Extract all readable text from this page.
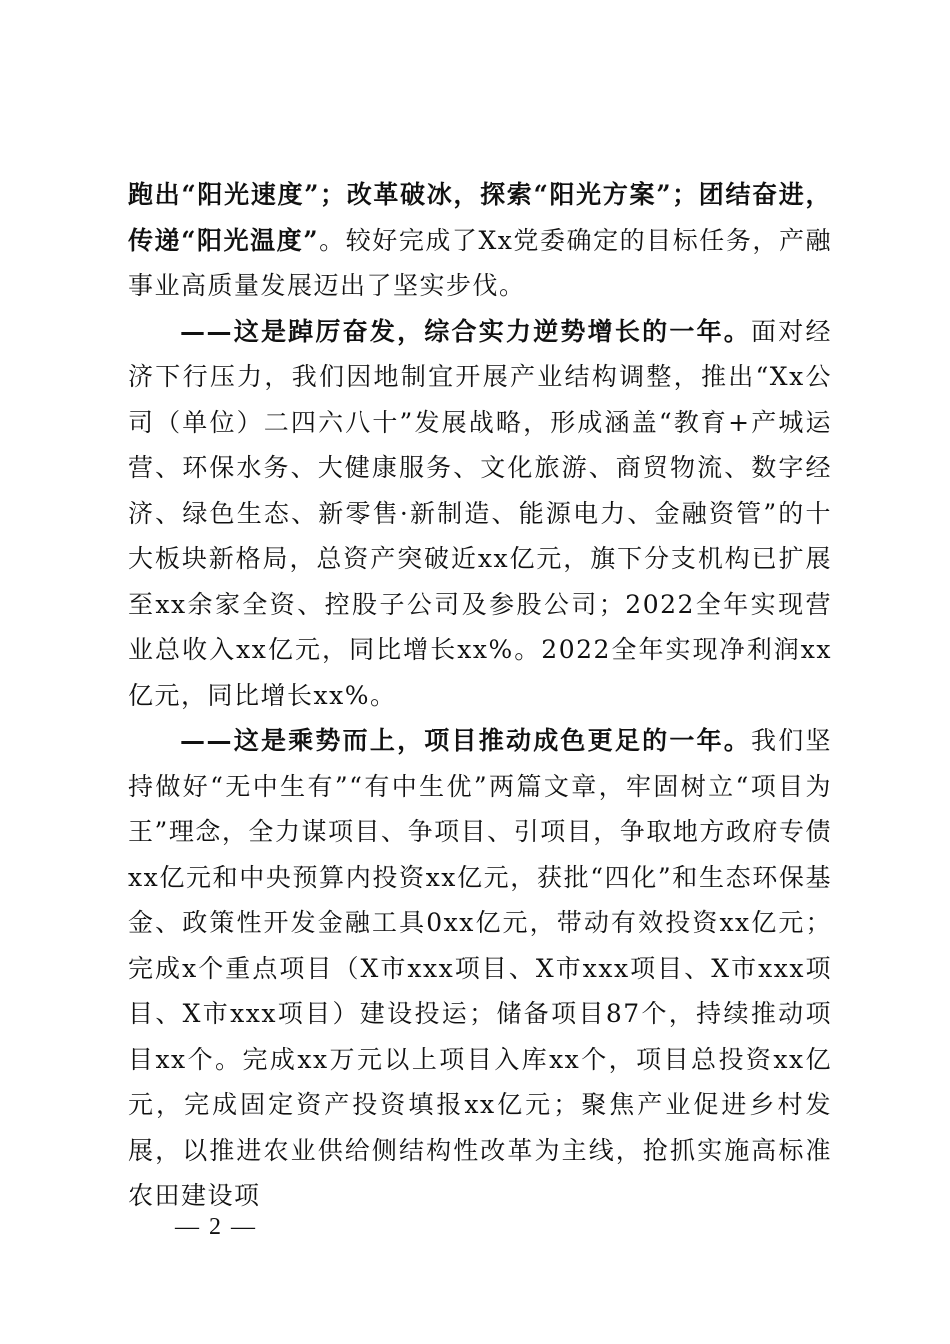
跑出“阳光速度”；改革破冰，探索“阳光方案”；团结奋进，传递“阳光温度”。较好完成了Xx党委确定的目标任务，产融事业高质量发展迈出了坚实步伐。

——这是踔厉奋发，综合实力逆势增长的一年。面对经济下行压力，我们因地制宜开展产业结构调整，推出“Xx公司（单位）二四六八十”发展战略，形成涵盖“教育+产城运营、环保水务、大健康服务、文化旅游、商贸物流、数字经济、绿色生态、新零售·新制造、能源电力、金融资管”的十大板块新格局，总资产突破近xx亿元，旗下分支机构已扩展至xx余家全资、控股子公司及参股公司；2022全年实现营业总收入xx亿元，同比增长xx%。2022全年实现净利润xx亿元，同比增长xx%。

——这是乘势而上，项目推动成色更足的一年。我们坚持做好“无中生有”“有中生优”两篇文章，牢固树立“项目为王”理念，全力谋项目、争项目、引项目，争取地方政府专债xx亿元和中央预算内投资xx亿元，获批“四化”和生态环保基金、政策性开发金融工具0xx亿元，带动有效投资xx亿元；完成x个重点项目（X市xxx项目、X市xxx项目、X市xxx项目、X市xxx项目）建设投运；储备项目87个，持续推动项目xx个。完成xx万元以上项目入库xx个，项目总投资xx亿元，完成固定资产投资填报xx亿元；聚焦产业促进乡村发展，以推进农业供给侧结构性改革为主线，抢抓实施高标准农田建设项

— 2 —
